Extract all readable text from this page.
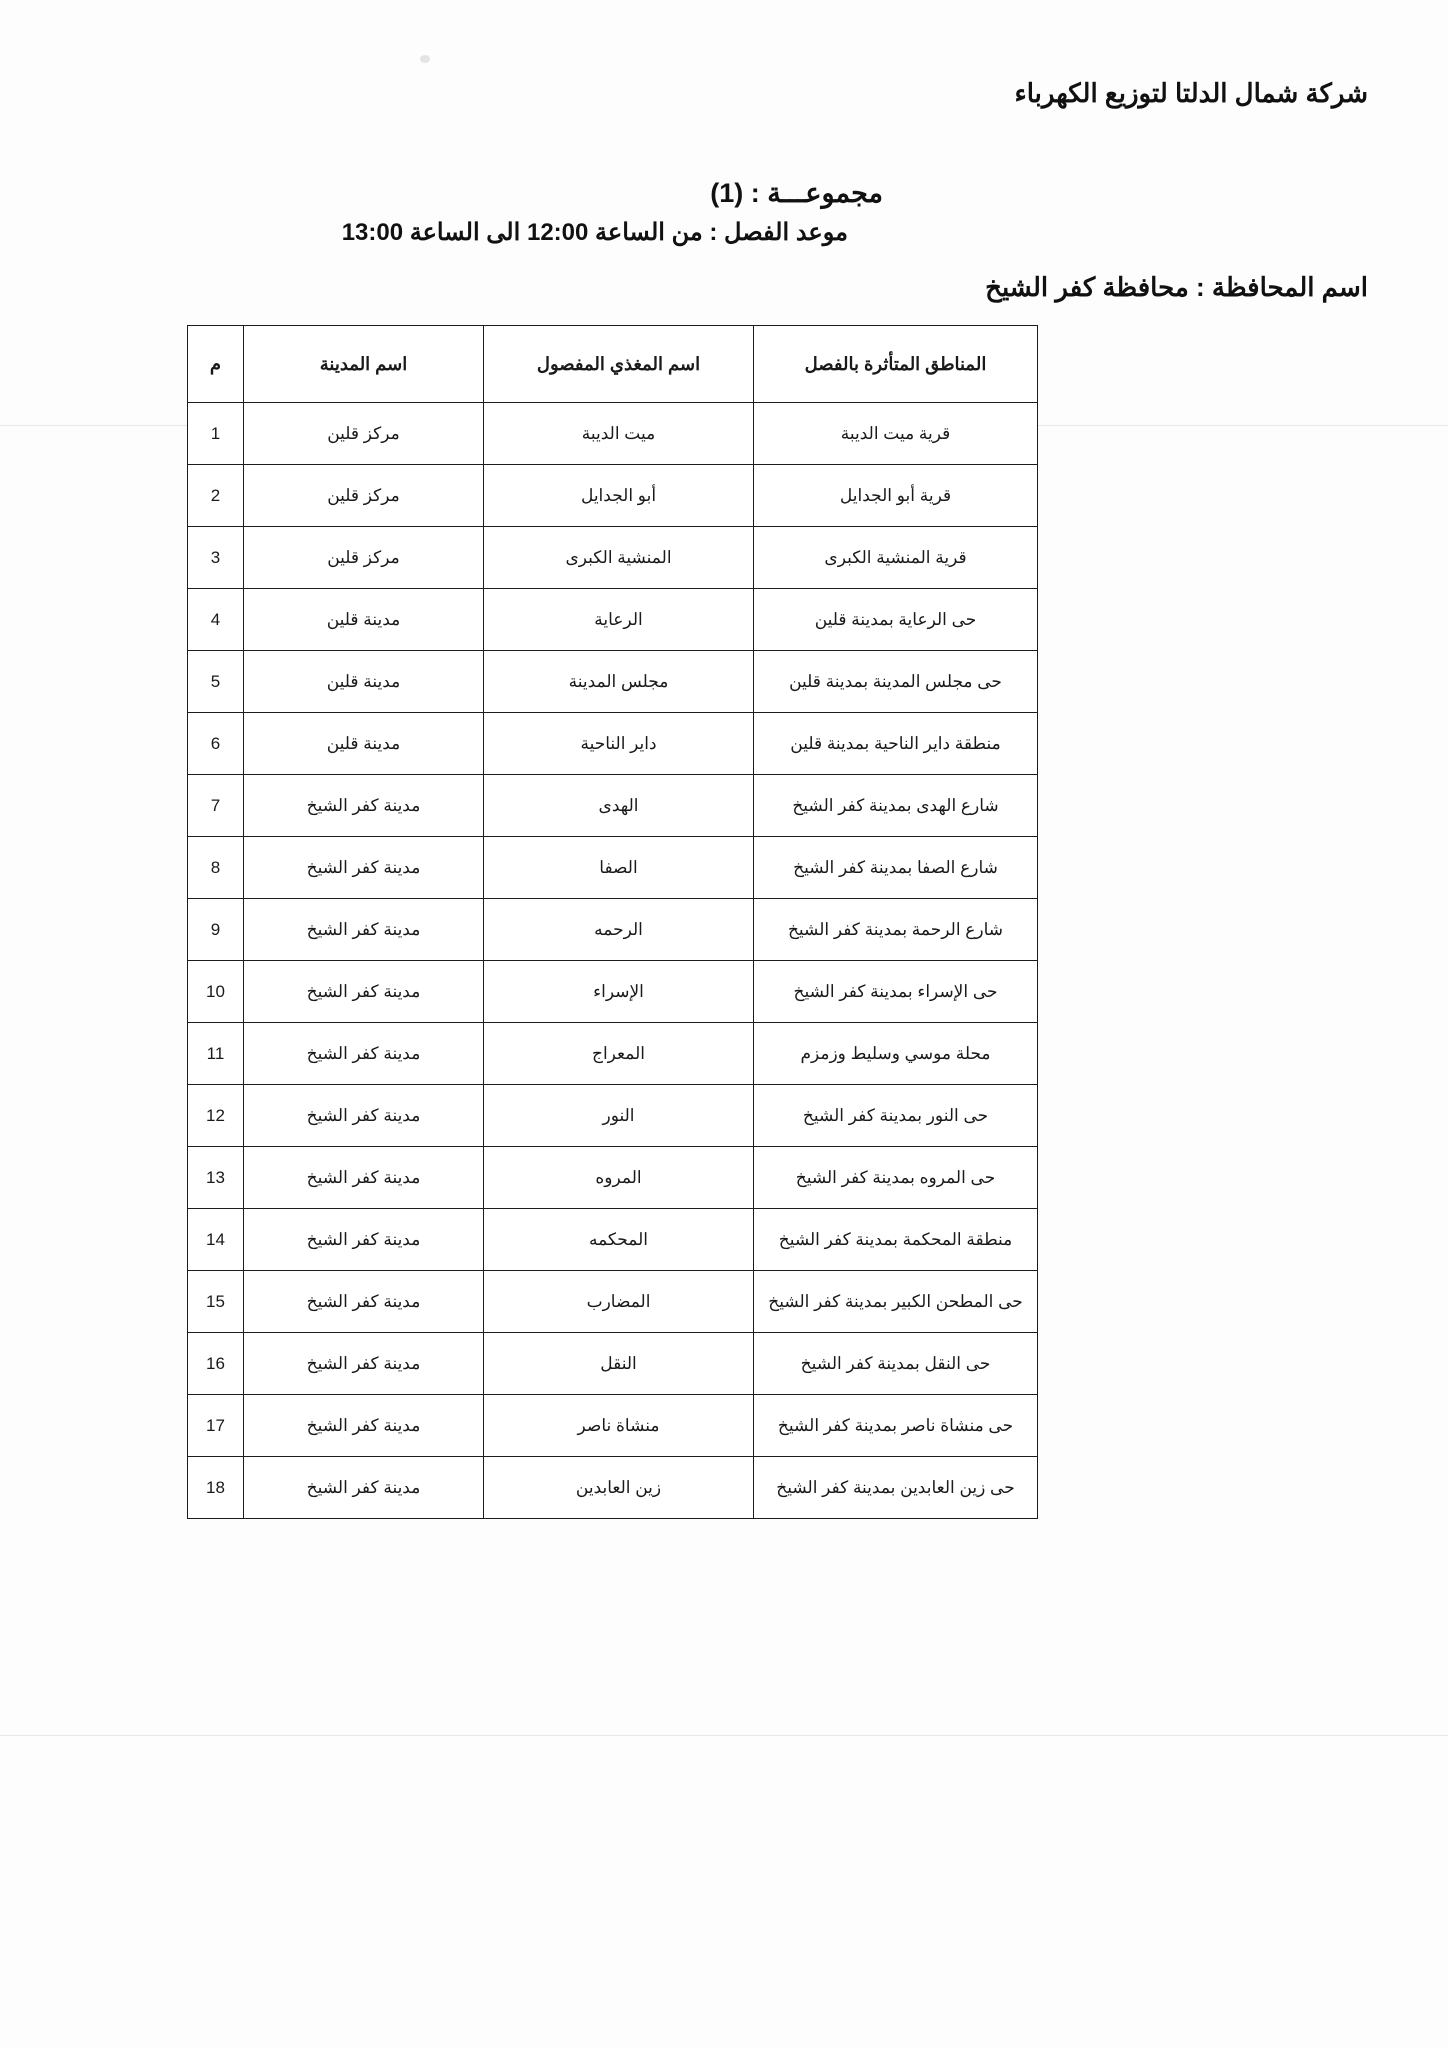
شركة شمال الدلتا لتوزيع الكهرباء
مجموعـــة : (1)
موعد الفصل : من الساعة 12:00 الى الساعة 13:00
اسم المحافظة : محافظة كفر الشيخ
المناطق المتأثرة بالفصل	اسم المغذي المفصول	اسم المدينة	م
قرية ميت الديبة	ميت الديبة	مركز قلين	1
قرية أبو الجدايل	أبو الجدايل	مركز قلين	2
قرية المنشية الكبرى	المنشية الكبرى	مركز قلين	3
حى الرعاية بمدينة قلين	الرعاية	مدينة قلين	4
حى مجلس المدينة بمدينة قلين	مجلس المدينة	مدينة قلين	5
منطقة داير الناحية بمدينة قلين	داير الناحية	مدينة قلين	6
شارع الهدى بمدينة كفر الشيخ	الهدى	مدينة كفر الشيخ	7
شارع الصفا بمدينة كفر الشيخ	الصفا	مدينة كفر الشيخ	8
شارع الرحمة بمدينة كفر الشيخ	الرحمه	مدينة كفر الشيخ	9
حى الإسراء بمدينة كفر الشيخ	الإسراء	مدينة كفر الشيخ	10
محلة موسي وسليط وزمزم	المعراج	مدينة كفر الشيخ	11
حى النور بمدينة كفر الشيخ	النور	مدينة كفر الشيخ	12
حى المروه بمدينة كفر الشيخ	المروه	مدينة كفر الشيخ	13
منطقة المحكمة بمدينة كفر الشيخ	المحكمه	مدينة كفر الشيخ	14
حى المطحن الكبير بمدينة كفر الشيخ	المضارب	مدينة كفر الشيخ	15
حى النقل بمدينة كفر الشيخ	النقل	مدينة كفر الشيخ	16
حى منشاة ناصر بمدينة كفر الشيخ	منشاة ناصر	مدينة كفر الشيخ	17
حى زين العابدين بمدينة كفر الشيخ	زين العابدين	مدينة كفر الشيخ	18
